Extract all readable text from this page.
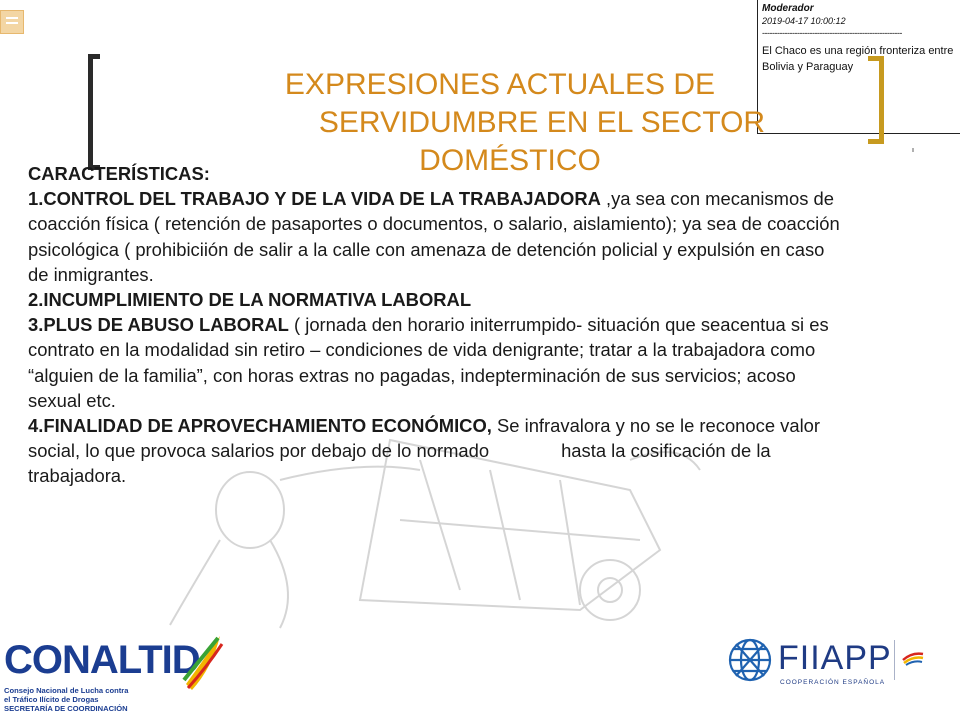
Moderador
2019-04-17 10:00:12
--------------------------------------------------------
El Chaco es una región fronteriza entre Bolivia y Paraguay
EXPRESIONES ACTUALES DE
SERVIDUMBRE EN EL SECTOR
DOMÉSTICO

CARACTERÍSTICAS:

1.CONTROL DEL TRABAJO Y DE LA VIDA DE LA TRABAJADORA ,ya sea con mecanismos de coacción física ( retención de pasaportes o documentos, o salario, aislamiento); ya sea de coacción psicológica ( prohibiciión de salir a la calle con amenaza de detención policial y expulsión en caso de inmigrantes.

2.INCUMPLIMIENTO DE LA NORMATIVA LABORAL

3.PLUS DE ABUSO LABORAL ( jornada den horario initerrumpido- situación que seacentua si es contrato en la modalidad sin retiro – condiciones de vida denigrante; tratar a la trabajadora como “alguien de la familia”, con horas extras no pagadas, indepterminación de sus servicios; acoso sexual etc.

4.FINALIDAD DE APROVECHAMIENTO ECONÓMICO, Se infravalora y no se le reconoce valor social, lo que provoca salarios por debajo de lo normado	hasta la cosificación de la trabajadora.

CONALTID
Consejo Nacional de Lucha contra
el Tráfico Ilícito de Drogas
SECRETARÍA DE COORDINACIÓN
FIIAPP
COOPERACIÓN ESPAÑOLA
